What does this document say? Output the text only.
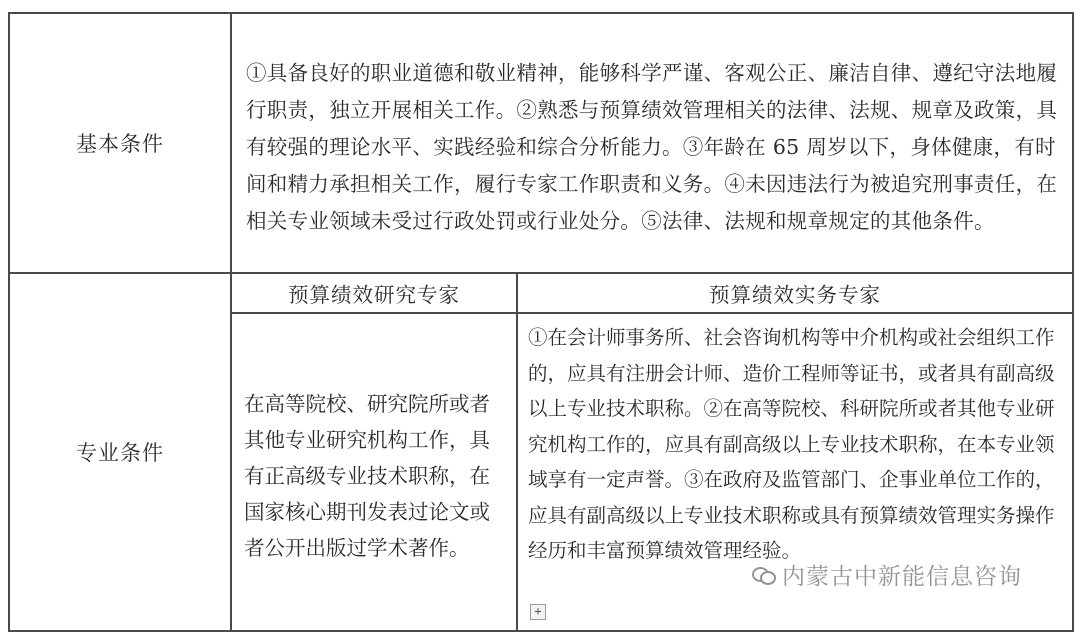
基本条件	①具备良好的职业道德和敬业精神，能够科学严谨、客观公正、廉洁自律、遵纪守法地履行职责，独立开展相关工作。②熟悉与预算绩效管理相关的法律、法规、规章及政策，具有较强的理论水平、实践经验和综合分析能力。③年龄在 65 周岁以下，身体健康，有时间和精力承担相关工作，履行专家工作职责和义务。④未因违法行为被追究刑事责任，在相关专业领域未受过行政处罚或行业处分。⑤法律、法规和规章规定的其他条件。	
专业条件	预算绩效研究专家	预算绩效实务专家
	在高等院校、研究院所或者其他专业研究机构工作，具有正高级专业技术职称，在国家核心期刊发表过论文或者公开出版过学术著作。	①在会计师事务所、社会咨询机构等中介机构或社会组织工作的，应具有注册会计师、造价工程师等证书，或者具有副高级以上专业技术职称。②在高等院校、科研院所或者其他专业研究机构工作的，应具有副高级以上专业技术职称，在本专业领域享有一定声誉。③在政府及监管部门、企事业单位工作的，应具有副高级以上专业技术职称或具有预算绩效管理实务操作经历和丰富预算绩效管理经验。
内蒙古中新能信息咨询
+
